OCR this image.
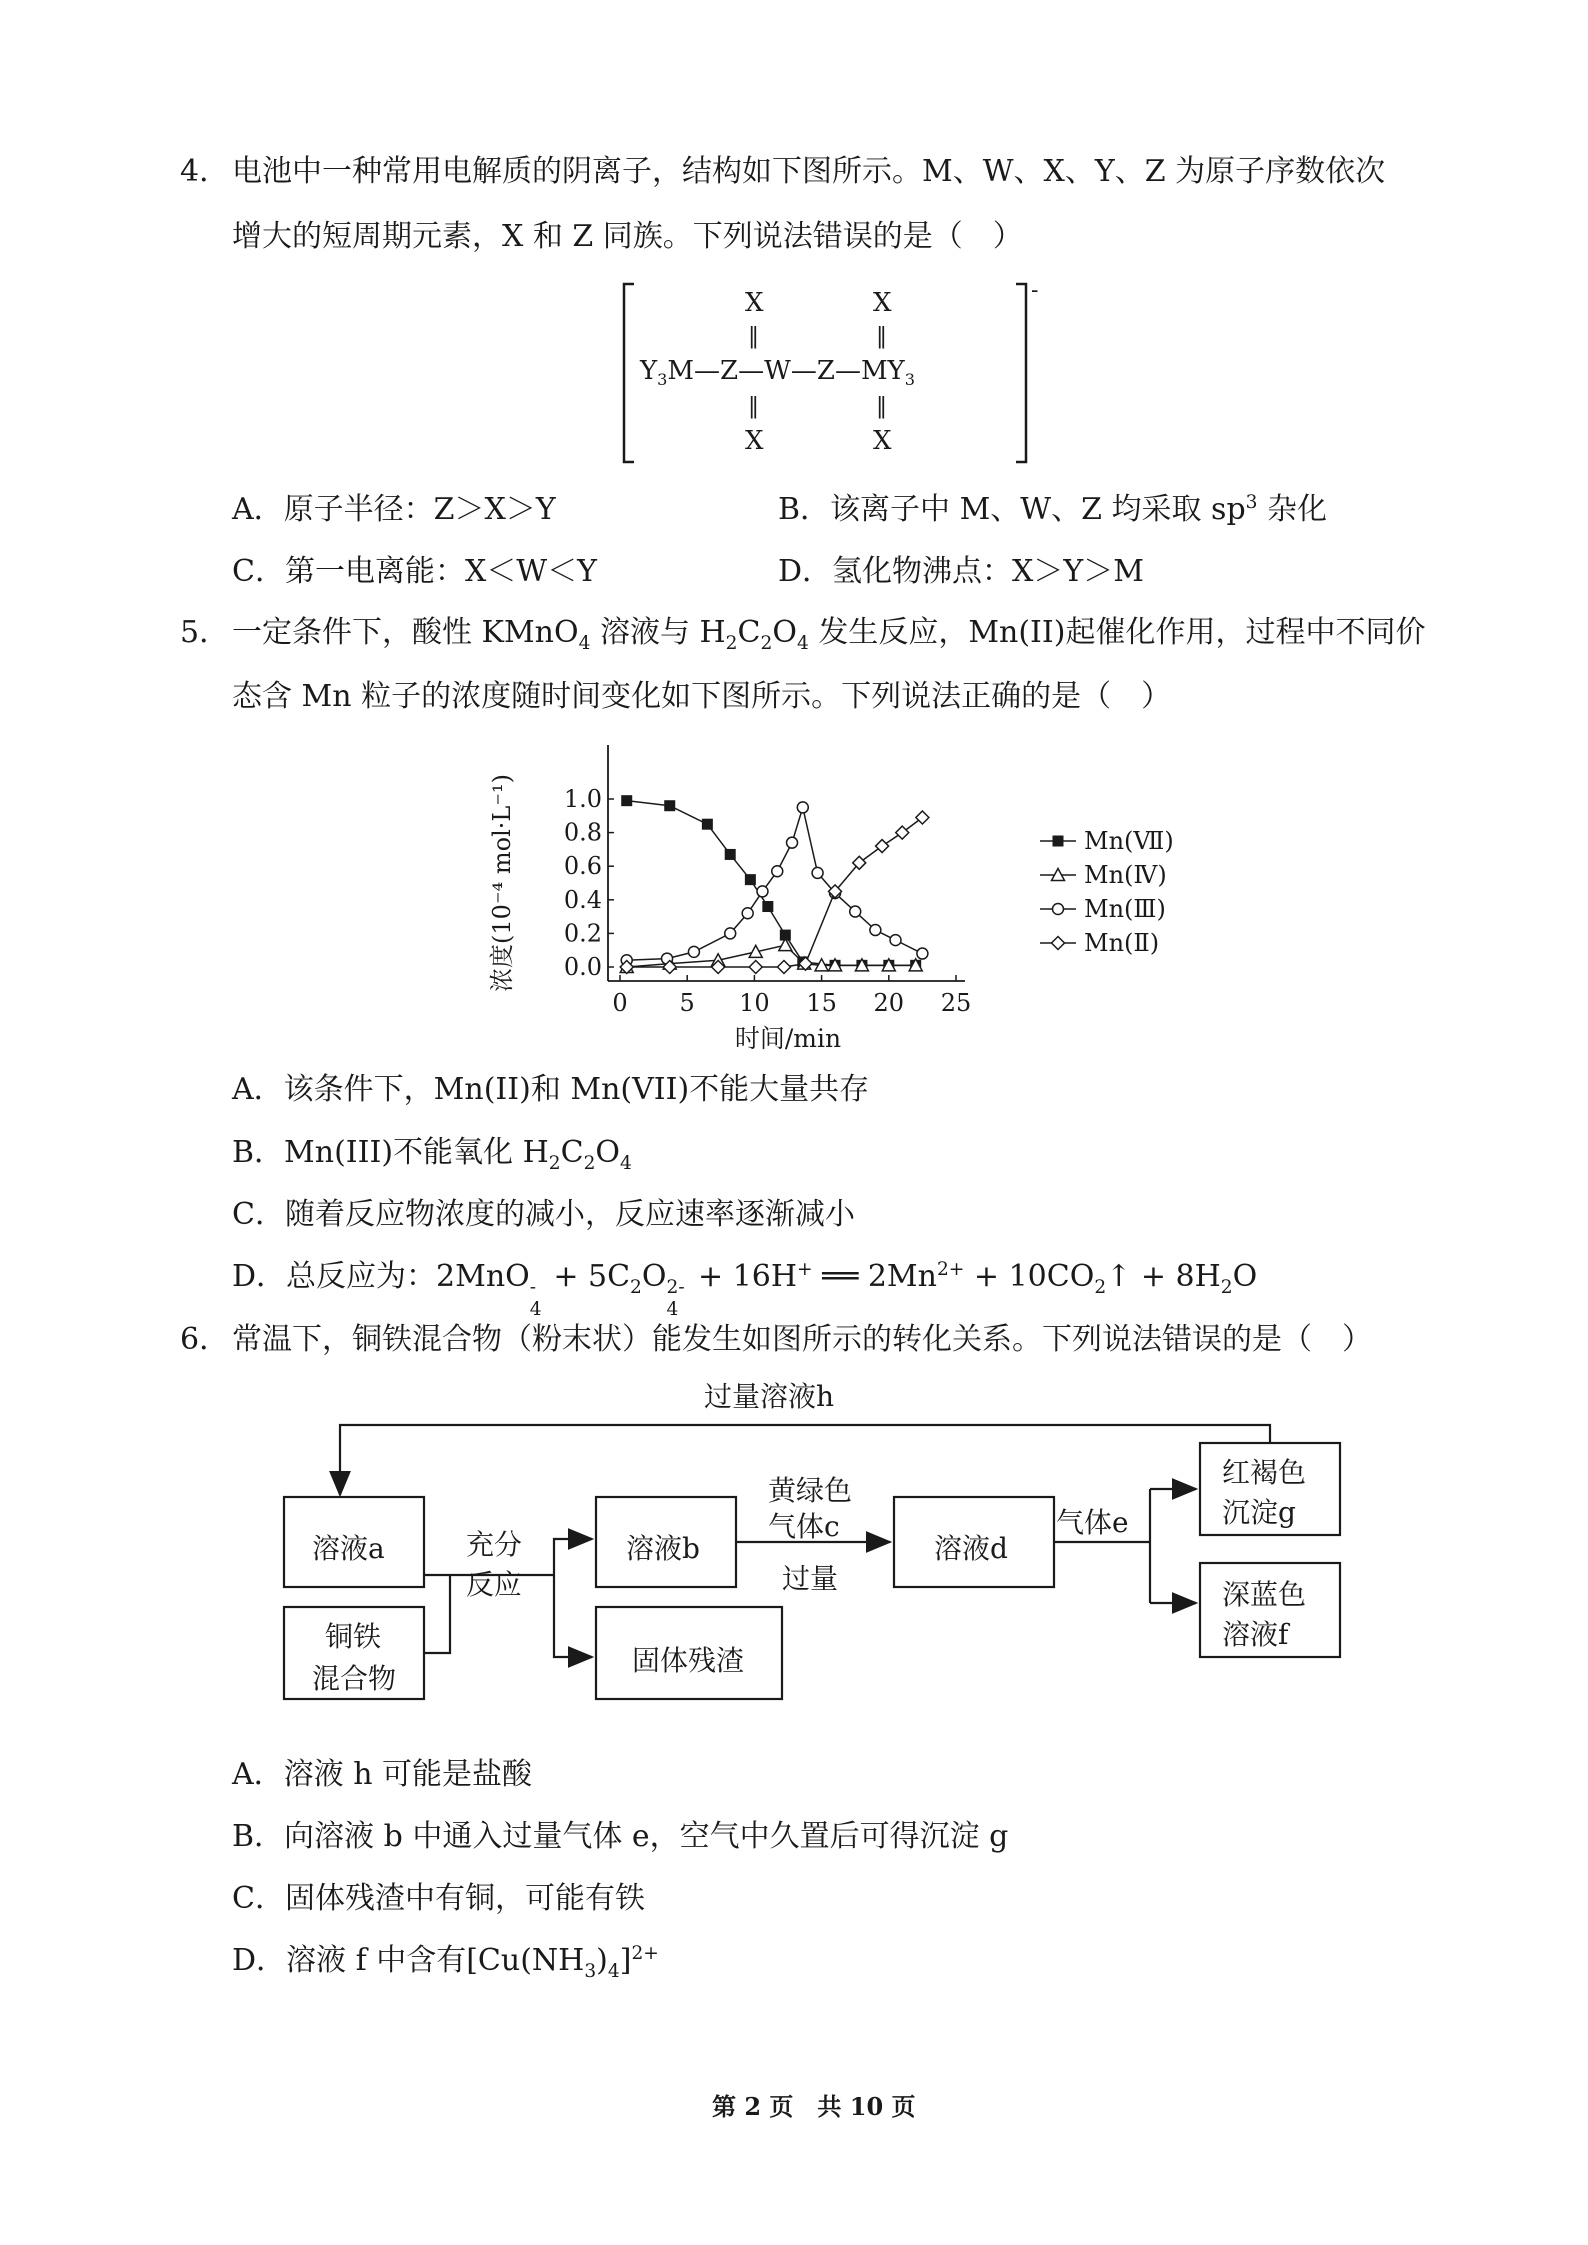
4． 电池中一种常用电解质的阴离子，结构如下图所示。M、W、X、Y、Z 为原子序数依次
增大的短周期元素，X 和 Z 同族。下列说法错误的是（　）
-
X	X
‖	‖
$Y_3M—Z—W—Z—MY_3$
‖	‖
X	X
A．原子半径：Z＞X＞Y	B．该离子中 M、W、Z 均采取 $sp^3$ 杂化
C．第一电离能：X＜W＜Y	D．氢化物沸点：X＞Y＞M
5． 一定条件下，酸性 KMnO$_4$ 溶液与 $H_2C_2O_4$ 发生反应，Mn(II)起催化作用，过程中不同价
态含 Mn 粒子的浓度随时间变化如下图所示。下列说法正确的是（　）
0 5 10 15 20 25
0.0
0.2
0.4
0.6
0.8
1.0
时间/min
浓度(10⁻⁴ mol·L⁻¹)	Mn(Ⅶ)
Mn(Ⅳ)
Mn(Ⅲ)
Mn(Ⅱ)
A．该条件下，Mn(II)和 Mn(VII)不能大量共存
B．Mn(III)不能氧化 $H_2C_2O_4$
C．随着反应物浓度的减小，反应速率逐渐减小
D．总反应为：2MnO -
4
+ $5C_2O$ 2-
4
+ 16H+ ══ $2Mn^{2+}$ + $10CO_2↑ + 8H_2O$
6． 常温下，铜铁混合物（粉末状）能发生如图所示的转化关系。下列说法错误的是（　）
过量溶液h
溶液a
铜铁
混合物
充分
反应
溶液b
固体残渣
黄绿色
气体c
过量
溶液d
气体e
红褐色
沉淀g
深蓝色
溶液f
A．溶液 h 可能是盐酸
B．向溶液 b 中通入过量气体 e，空气中久置后可得沉淀 g
C．固体残渣中有铜，可能有铁
D．溶液 f 中含有$[Cu(NH_3)_4]^{2+}$
第 2 页　共 10 页
